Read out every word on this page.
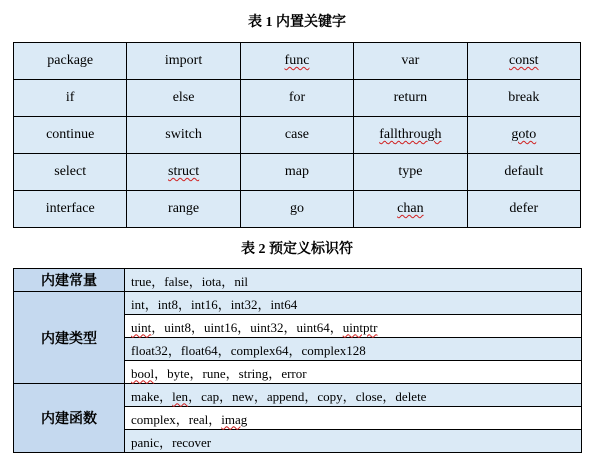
表 1 内置关键字
package	import	func	var	const
if	else	for	return	break
continue	switch	case	fallthrough	goto
select	struct	map	type	default
interface	range	go	chan	defer
表 2 预定义标识符
内建常量	true，false，iota，nil
内建类型	int，int8，int16，int32，int64
	uint，uint8，uint16，uint32，uint64，uintptr
	float32，float64，complex64，complex128
	bool，byte，rune，string，error
内建函数	make，len，cap，new，append，copy，close，delete
	complex，real，imag
	panic，recover
